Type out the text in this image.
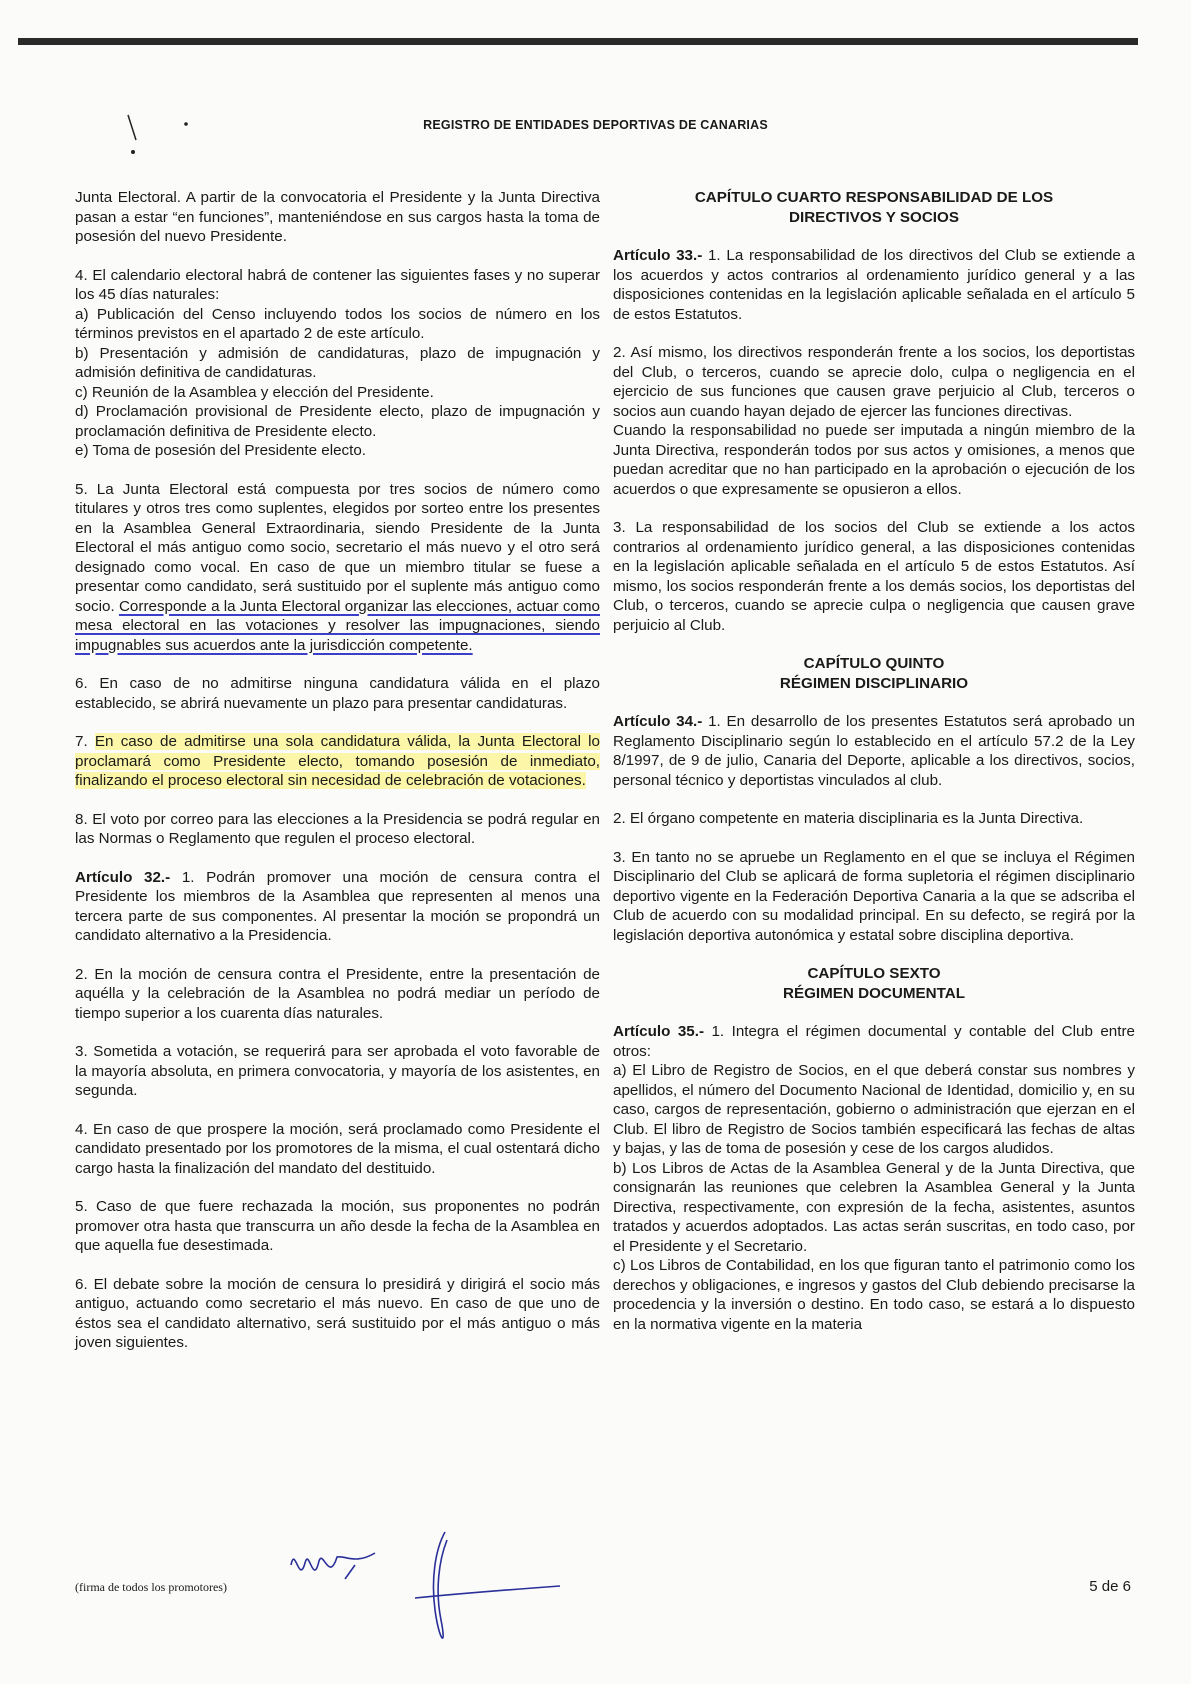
REGISTRO DE ENTIDADES DEPORTIVAS DE CANARIAS

Junta Electoral. A partir de la convocatoria el Presidente y la Junta Directiva pasan a estar “en funciones”, manteniéndose en sus cargos hasta la toma de posesión del nuevo Presidente.

4. El calendario electoral habrá de contener las siguientes fases y no superar los 45 días naturales:
a) Publicación del Censo incluyendo todos los socios de número en los términos previstos en el apartado 2 de este artículo.
b) Presentación y admisión de candidaturas, plazo de impugnación y admisión definitiva de candidaturas.
c) Reunión de la Asamblea y elección del Presidente.
d) Proclamación provisional de Presidente electo, plazo de impugnación y proclamación definitiva de Presidente electo.
e) Toma de posesión del Presidente electo.

5. La Junta Electoral está compuesta por tres socios de número como titulares y otros tres como suplentes, elegidos por sorteo entre los presentes en la Asamblea General Extraordinaria, siendo Presidente de la Junta Electoral el más antiguo como socio, secretario el más nuevo y el otro será designado como vocal. En caso de que un miembro titular se fuese a presentar como candidato, será sustituido por el suplente más antiguo como socio. Corresponde a la Junta Electoral organizar las elecciones, actuar como mesa electoral en las votaciones y resolver las impugnaciones, siendo impugnables sus acuerdos ante la jurisdicción competente.

6. En caso de no admitirse ninguna candidatura válida en el plazo establecido, se abrirá nuevamente un plazo para presentar candidaturas.

7. En caso de admitirse una sola candidatura válida, la Junta Electoral lo proclamará como Presidente electo, tomando posesión de inmediato, finalizando el proceso electoral sin necesidad de celebración de votaciones.

8. El voto por correo para las elecciones a la Presidencia se podrá regular en las Normas o Reglamento que regulen el proceso electoral.

Artículo 32.- 1. Podrán promover una moción de censura contra el Presidente los miembros de la Asamblea que representen al menos una tercera parte de sus componentes. Al presentar la moción se propondrá un candidato alternativo a la Presidencia.

2. En la moción de censura contra el Presidente, entre la presentación de aquélla y la celebración de la Asamblea no podrá mediar un período de tiempo superior a los cuarenta días naturales.

3. Sometida a votación, se requerirá para ser aprobada el voto favorable de la mayoría absoluta, en primera convocatoria, y mayoría de los asistentes, en segunda.

4. En caso de que prospere la moción, será proclamado como Presidente el candidato presentado por los promotores de la misma, el cual ostentará dicho cargo hasta la finalización del mandato del destituido.

5. Caso de que fuere rechazada la moción, sus proponentes no podrán promover otra hasta que transcurra un año desde la fecha de la Asamblea en que aquella fue desestimada.

6. El debate sobre la moción de censura lo presidirá y dirigirá el socio más antiguo, actuando como secretario el más nuevo. En caso de que uno de éstos sea el candidato alternativo, será sustituido por el más antiguo o más joven siguientes.

CAPÍTULO CUARTO RESPONSABILIDAD DE LOS
DIRECTIVOS Y SOCIOS

Artículo 33.- 1. La responsabilidad de los directivos del Club se extiende a los acuerdos y actos contrarios al ordenamiento jurídico general y a las disposiciones contenidas en la legislación aplicable señalada en el artículo 5 de estos Estatutos.

2. Así mismo, los directivos responderán frente a los socios, los deportistas del Club, o terceros, cuando se aprecie dolo, culpa o negligencia en el ejercicio de sus funciones que causen grave perjuicio al Club, terceros o socios aun cuando hayan dejado de ejercer las funciones directivas.
Cuando la responsabilidad no puede ser imputada a ningún miembro de la Junta Directiva, responderán todos por sus actos y omisiones, a menos que puedan acreditar que no han participado en la aprobación o ejecución de los acuerdos o que expresamente se opusieron a ellos.

3. La responsabilidad de los socios del Club se extiende a los actos contrarios al ordenamiento jurídico general, a las disposiciones contenidas en la legislación aplicable señalada en el artículo 5 de estos Estatutos. Así mismo, los socios responderán frente a los demás socios, los deportistas del Club, o terceros, cuando se aprecie culpa o negligencia que causen grave perjuicio al Club.

CAPÍTULO QUINTO
RÉGIMEN DISCIPLINARIO

Artículo 34.- 1. En desarrollo de los presentes Estatutos será aprobado un Reglamento Disciplinario según lo establecido en el artículo 57.2 de la Ley 8/1997, de 9 de julio, Canaria del Deporte, aplicable a los directivos, socios, personal técnico y deportistas vinculados al club.

2. El órgano competente en materia disciplinaria es la Junta Directiva.

3. En tanto no se apruebe un Reglamento en el que se incluya el Régimen Disciplinario del Club se aplicará de forma supletoria el régimen disciplinario deportivo vigente en la Federación Deportiva Canaria a la que se adscriba el Club de acuerdo con su modalidad principal. En su defecto, se regirá por la legislación deportiva autonómica y estatal sobre disciplina deportiva.

CAPÍTULO SEXTO
RÉGIMEN DOCUMENTAL

Artículo 35.- 1. Integra el régimen documental y contable del Club entre otros:

a) El Libro de Registro de Socios, en el que deberá constar sus nombres y apellidos, el número del Documento Nacional de Identidad, domicilio y, en su caso, cargos de representación, gobierno o administración que ejerzan en el Club. El libro de Registro de Socios también especificará las fechas de altas y bajas, y las de toma de posesión y cese de los cargos aludidos.

b) Los Libros de Actas de la Asamblea General y de la Junta Directiva, que consignarán las reuniones que celebren la Asamblea General y la Junta Directiva, respectivamente, con expresión de la fecha, asistentes, asuntos tratados y acuerdos adoptados. Las actas serán suscritas, en todo caso, por el Presidente y el Secretario.

c) Los Libros de Contabilidad, en los que figuran tanto el patrimonio como los derechos y obligaciones, e ingresos y gastos del Club debiendo precisarse la procedencia y la inversión o destino. En todo caso, se estará a lo dispuesto en la normativa vigente en la materia

(firma de todos los promotores)	5 de 6
